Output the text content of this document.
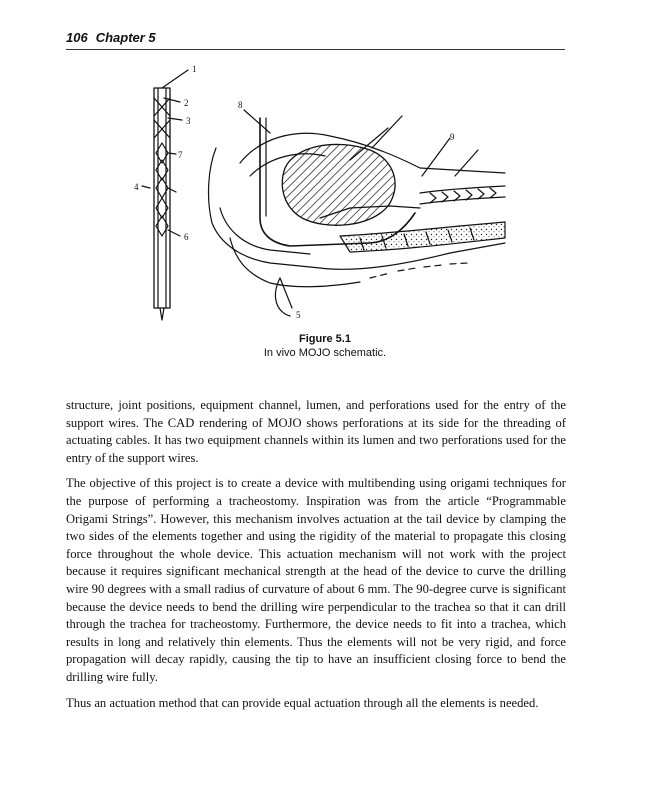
106 Chapter 5
1
2
3
4
5
6
7
8
9
Figure 5.1
In vivo MOJO schematic.

structure, joint positions, equipment channel, lumen, and perforations used for the entry of the support wires. The CAD rendering of MOJO shows perforations at its side for the threading of actuating cables. It has two equipment channels within its lumen and two perforations used for the entry of the support wires.

The objective of this project is to create a device with multibending using origami techniques for the purpose of performing a tracheostomy. Inspiration was from the article “Programmable Origami Strings”. However, this mechanism involves actuation at the tail device by clamping the two sides of the elements together and using the rigidity of the material to propagate this closing force throughout the whole device. This actuation mechanism will not work with the project because it requires significant mechanical strength at the head of the device to curve the drilling wire 90 degrees with a small radius of curvature of about 6 mm. The 90-degree curve is significant because the device needs to bend the drilling wire perpendicular to the trachea so that it can drill through the trachea for tracheostomy. Furthermore, the device needs to fit into a trachea, which results in long and relatively thin elements. Thus the elements will not be very rigid, and force propagation will decay rapidly, causing the tip to have an insufficient closing force to bend the drilling wire fully.

Thus an actuation method that can provide equal actuation through all the elements is needed.
